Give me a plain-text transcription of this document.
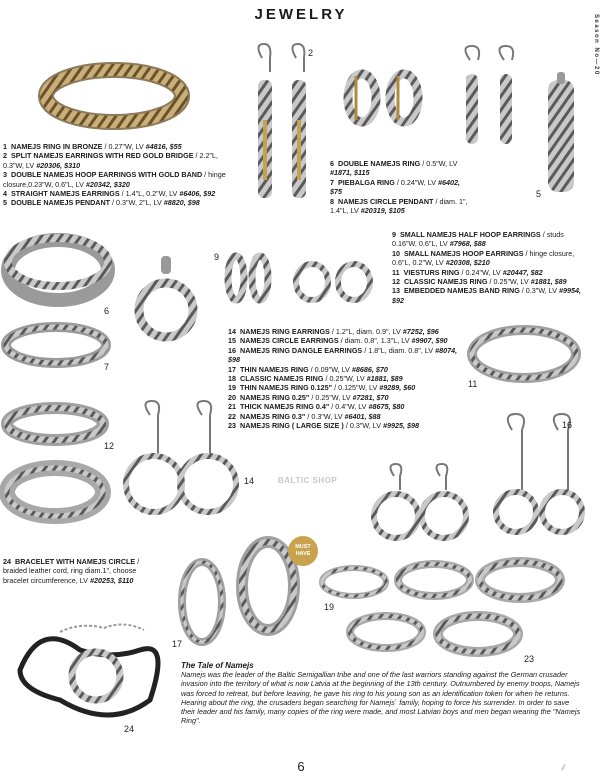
JEWELRY	Season No—20
1 NAMEJS RING IN BRONZE / 0.27"W, LV #4816, $55
2 SPLIT NAMEJS EARRINGS WITH RED GOLD BRIDGE / 2.2"L, 0.3"W, LV #20306, $310
3 DOUBLE NAMEJS HOOP EARRINGS WITH GOLD BAND / hinge closure,0.23"W, 0.6"L, LV #20342, $320
4 STRAIGHT NAMEJS EARRINGS / 1.4"L, 0.2"W, LV #6406, $92
5 DOUBLE NAMEJS PENDANT / 0.3"W, 2"L, LV #8820, $98
6 DOUBLE NAMEJS RING / 0.5"W, LV #1871, $115
7 PIEBALGA RING / 0.24"W, LV #6402, $75
8 NAMEJS CIRCLE PENDANT / diam. 1", 1.4"L, LV #20319, $105
9 SMALL NAMEJS HALF HOOP EARRINGS / studs 0.16"W, 0.6"L, LV #7968, $88
10 SMALL NAMEJS HOOP EARRINGS / hinge closure, 0.6"L, 0.2"W, LV #20308, $210
11 VIESTURS RING / 0.24"W, LV #20447, $82
12 CLASSIC NAMEJS RING / 0.25"W, LV #1881, $89
13 EMBEDDED NAMEJS BAND RING / 0.3"W, LV #9954, $92
14 NAMEJS RING EARRINGS / 1.2"L, diam. 0.9", LV #7252, $96
15 NAMEJS CIRCLE EARRINGS / diam. 0.8", 1.3"L, LV #9907, $90
16 NAMEJS RING DANGLE EARRINGS / 1.8"L, diam. 0.8", LV #8074, $98
17 THIN NAMEJS RING / 0.09"W, LV #8686, $70
18 CLASSIC NAMEJS RING / 0.25"W, LV #1881, $89
19 THIN NAMEJS RING 0.125" / 0.125"W, LV #9289, $60
20 NAMEJS RING 0.25" / 0.25"W, LV #7281, $70
21 THICK NAMEJS RING 0.4" / 0.4"W, LV #8675, $80
22 NAMEJS RING 0.3" / 0.3"W, LV #6401, $88
23 NAMEJS RING ( LARGE SIZE ) / 0.3"W, LV #9925, $98
24 BRACELET WITH NAMEJS CIRCLE / braided leather cord, ring diam.1", choose bracelet circumference, LV #20253, $110
2
5
6
7
9
11
12
14
16
17
19
23
24
MUST HAVE
BALTIC SHOP
The Tale of Namejs
Namejs was the leader of the Baltic Semigallian tribe and one of the last warriors standing against the German crusader invasion into the territory of what is now Latvia at the beginning of the 13th century. Outnumbered by enemy troops, Namejs was forced to retreat, but before leaving, he gave his ring to his young son as an identification token for when he returns. Hearing about the ring, the crusaders began searching for Namejs` family, hoping to force his surrender. In order to save their leader and his family, many copies of the ring were made, and most Latvian boys and men began wearing the "Namejs Ring".
6	⸙
